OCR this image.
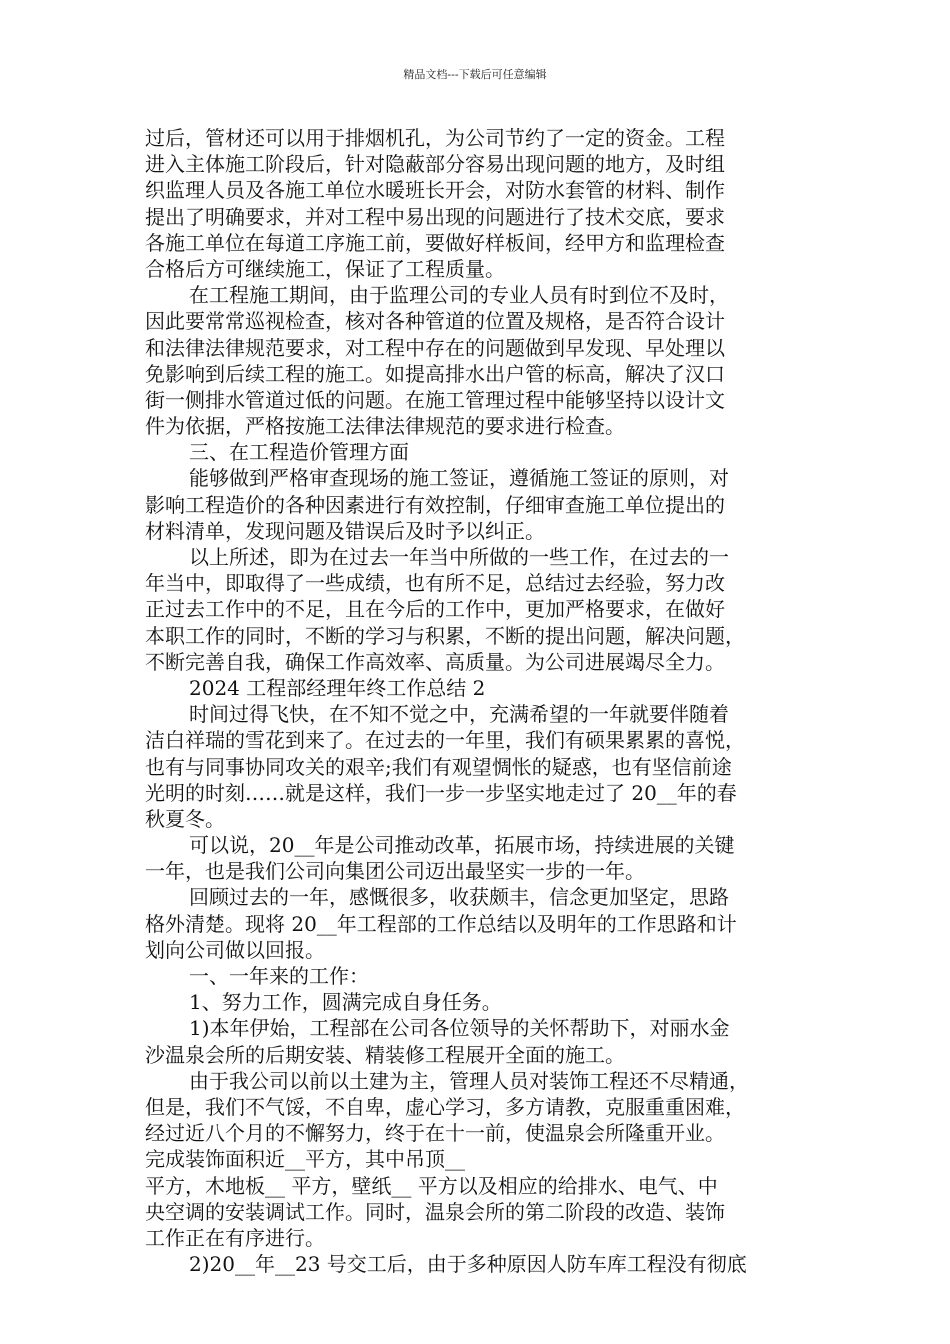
精品文档---下载后可任意编辑
过后，管材还可以用于排烟机孔，为公司节约了一定的资金。工程
进入主体施工阶段后，针对隐蔽部分容易出现问题的地方，及时组
织监理人员及各施工单位水暖班长开会，对防水套管的材料、制作
提出了明确要求，并对工程中易出现的问题进行了技术交底，要求
各施工单位在每道工序施工前，要做好样板间，经甲方和监理检查
合格后方可继续施工，保证了工程质量。
在工程施工期间，由于监理公司的专业人员有时到位不及时，
因此要常常巡视检查，核对各种管道的位置及规格，是否符合设计
和法律法律规范要求，对工程中存在的问题做到早发现、早处理以
免影响到后续工程的施工。如提高排水出户管的标高，解决了汉口
街一侧排水管道过低的问题。在施工管理过程中能够坚持以设计文
件为依据，严格按施工法律法律规范的要求进行检查。
三、在工程造价管理方面
能够做到严格审查现场的施工签证，遵循施工签证的原则，对
影响工程造价的各种因素进行有效控制，仔细审查施工单位提出的
材料清单，发现问题及错误后及时予以纠正。
以上所述，即为在过去一年当中所做的一些工作，在过去的一
年当中，即取得了一些成绩，也有所不足，总结过去经验，努力改
正过去工作中的不足，且在今后的工作中，更加严格要求，在做好
本职工作的同时，不断的学习与积累，不断的提出问题，解决问题，
不断完善自我，确保工作高效率、高质量。为公司进展竭尽全力。
2024 工程部经理年终工作总结 2
时间过得飞快，在不知不觉之中，充满希望的一年就要伴随着
洁白祥瑞的雪花到来了。在过去的一年里，我们有硕果累累的喜悦，
也有与同事协同攻关的艰辛;我们有观望惆怅的疑惑，也有坚信前途
光明的时刻……就是这样，我们一步一步坚实地走过了 20__年的春
秋夏冬。
可以说，20__年是公司推动改革，拓展市场，持续进展的关键
一年，也是我们公司向集团公司迈出最坚实一步的一年。
回顾过去的一年，感慨很多，收获颇丰，信念更加坚定，思路
格外清楚。现将 20__年工程部的工作总结以及明年的工作思路和计
划向公司做以回报。
一、一年来的工作：
1、努力工作，圆满完成自身任务。
1)本年伊始，工程部在公司各位领导的关怀帮助下，对丽水金
沙温泉会所的后期安装、精装修工程展开全面的施工。
由于我公司以前以土建为主，管理人员对装饰工程还不尽精通，
但是，我们不气馁，不自卑，虚心学习，多方请教，克服重重困难，
经过近八个月的不懈努力，终于在十一前，使温泉会所隆重开业。
完成装饰面积近__平方，其中吊顶__
平方，木地板__ 平方，壁纸__ 平方以及相应的给排水、电气、中
央空调的安装调试工作。同时，温泉会所的第二阶段的改造、装饰
工作正在有序进行。
2)20__年__23 号交工后，由于多种原因人防车库工程没有彻底
